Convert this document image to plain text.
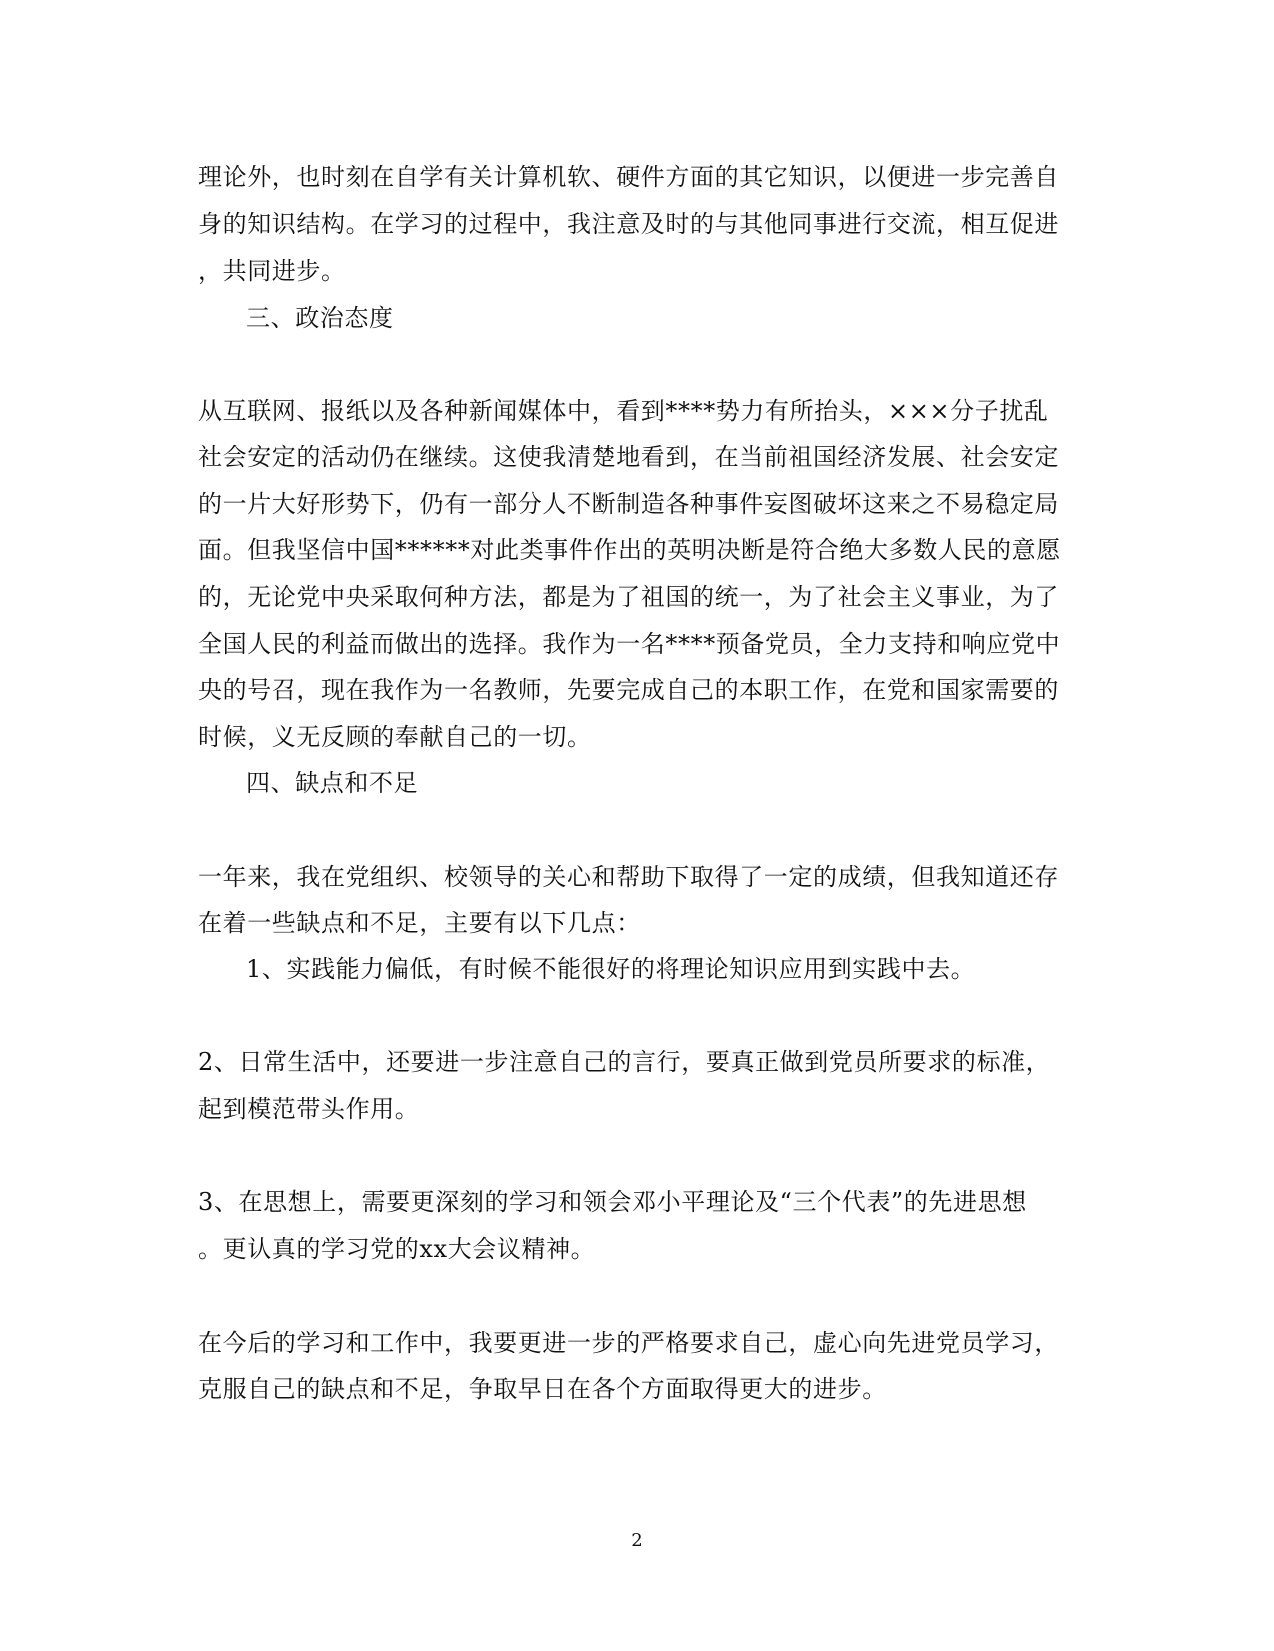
理论外，也时刻在自学有关计算机软、硬件方面的其它知识，以便进一步完善自
身的知识结构。在学习的过程中，我注意及时的与其他同事进行交流，相互促进
，共同进步。
三、政治态度
从互联网、报纸以及各种新闻媒体中，看到****势力有所抬头，×××分子扰乱
社会安定的活动仍在继续。这使我清楚地看到，在当前祖国经济发展、社会安定
的一片大好形势下，仍有一部分人不断制造各种事件妄图破坏这来之不易稳定局
面。但我坚信中国******对此类事件作出的英明决断是符合绝大多数人民的意愿
的，无论党中央采取何种方法，都是为了祖国的统一，为了社会主义事业，为了
全国人民的利益而做出的选择。我作为一名****预备党员，全力支持和响应党中
央的号召，现在我作为一名教师，先要完成自己的本职工作，在党和国家需要的
时候，义无反顾的奉献自己的一切。
四、缺点和不足
一年来，我在党组织、校领导的关心和帮助下取得了一定的成绩，但我知道还存
在着一些缺点和不足，主要有以下几点：
1、实践能力偏低，有时候不能很好的将理论知识应用到实践中去。
2、日常生活中，还要进一步注意自己的言行，要真正做到党员所要求的标准，
起到模范带头作用。
3、在思想上，需要更深刻的学习和领会邓小平理论及“三个代表”的先进思想
。更认真的学习党的xx大会议精神。
在今后的学习和工作中，我要更进一步的严格要求自己，虚心向先进党员学习，
克服自己的缺点和不足，争取早日在各个方面取得更大的进步。
2
